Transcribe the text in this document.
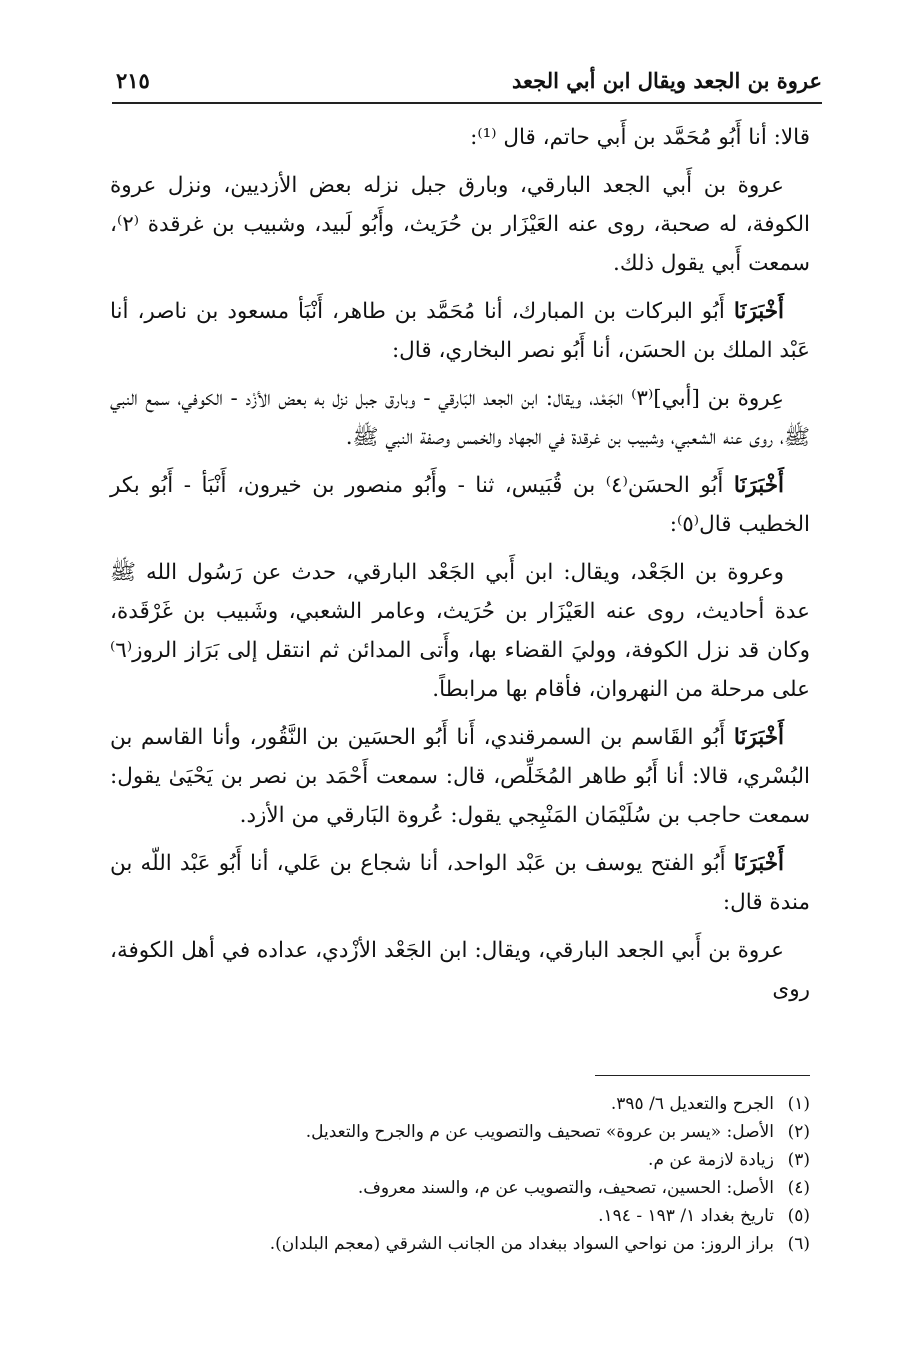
عروة بن الجعد ويقال ابن أبي الجعد
٢١٥

قالا: أنا أَبُو مُحَمَّد بن أَبي حاتم، قال ⁽¹⁾:

عروة بن أَبي الجعد البارقي، وبارق جبل نزله بعض الأزديين، ونزل عروة الكوفة، له صحبة، روى عنه العَيْزَار بن حُرَيث، وأَبُو لَبيد، وشبيب بن غرقدة ⁽٢⁾، سمعت أَبي يقول ذلك.

أَخْبَرَنَا أَبُو البركات بن المبارك، أنا مُحَمَّد بن طاهر، أَنْبَأ مسعود بن ناصر، أنا عَبْد الملك بن الحسَن، أنا أَبُو نصر البخاري، قال:

عِروة بن [أبي]⁽٣⁾ الجَعْد، ويقال: ابن الجعد البَارقي - وبارق جبل نزل به بعض الأزْد - الكوفي، سمع النبي ﷺ، روى عنه الشعبي، وشبيب بن غرقدة في الجهاد والخمس وصفة النبي ﷺ.

أَخْبَرَنَا أَبُو الحسَن⁽٤⁾ بن قُبَيس، ثنا - وأَبُو منصور بن خيرون، أَنْبَأ - أَبُو بكر الخطيب قال⁽٥⁾:

وعروة بن الجَعْد، ويقال: ابن أَبي الجَعْد البارقي، حدث عن رَسُول الله ﷺ عدة أحاديث، روى عنه العَيْزَار بن حُرَيث، وعامر الشعبي، وشَبيب بن غَرْقَدة، وكان قد نزل الكوفة، ووليَ القضاء بها، وأَتى المدائن ثم انتقل إلى بَرَاز الروز⁽٦⁾ على مرحلة من النهروان، فأقام بها مرابطاً.

أَخْبَرَنَا أَبُو القَاسم بن السمرقندي، أَنا أَبُو الحسَين بن النَّقُور، وأنا القاسم بن البُسْري، قالا: أنا أَبُو طاهر المُخَلِّص، قال: سمعت أَحْمَد بن نصر بن يَحْيَىٰ يقول: سمعت حاجب بن سُلَيْمَان المَنْبِجي يقول: عُروة البَارقي من الأزد.

أَخْبَرَنَا أَبُو الفتح يوسف بن عَبْد الواحد، أنا شجاع بن عَلي، أنا أَبُو عَبْد اللّه بن مندة قال:

عروة بن أَبي الجعد البارقي، ويقال: ابن الجَعْد الأزْدي، عداده في أهل الكوفة، روى

(١)الجرح والتعديل ٦/ ٣٩٥.
(٢)الأصل: «يسر بن عروة» تصحيف والتصويب عن م والجرح والتعديل.
(٣)زيادة لازمة عن م.
(٤)الأصل: الحسين، تصحيف، والتصويب عن م، والسند معروف.
(٥)تاريخ بغداد ١/ ١٩٣ - ١٩٤.
(٦)براز الروز: من نواحي السواد ببغداد من الجانب الشرقي (معجم البلدان).
